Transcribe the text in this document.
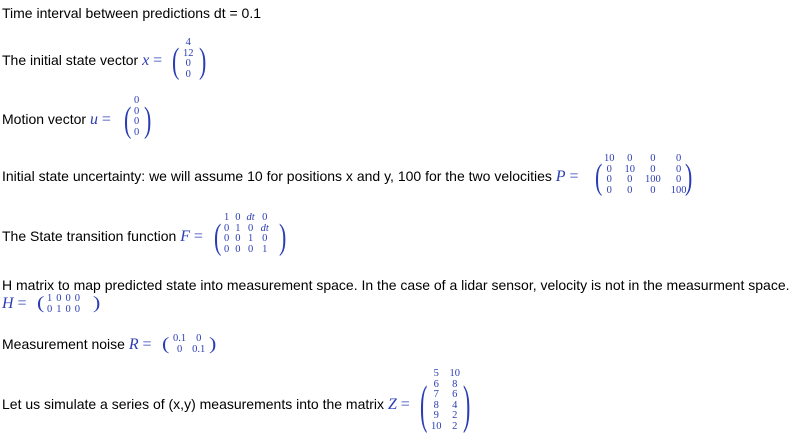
Time interval between predictions dt = 0.1
The initial state vector x = ( 4
12
0
0 )
Motion vector u = ( 0
0
0
0 )
Initial state uncertainty: we will assume 10 for positions x and y, 100 for the two velocities P = ( 10 0	0	0
0 10	0	0
0 0 100	0
0 0	0	100
)
The State transition function F = ( 1 0 dt 0
0 1 0 dt
0 0 1 0
0 0 0 1 )
H matrix to map predicted state into measurement space. In the case of a lidar sensor, velocity is not in the measurment space.
H = ( 1 0 0 0
0 1 0 0 )
Measurement noise R = ( 0.1 0
0 0.1 )
Let us simulate a series of (x,y) measurements into the matrix Z = ( 5 10
6 8
7 6
8 4
9 2
10 2 )
